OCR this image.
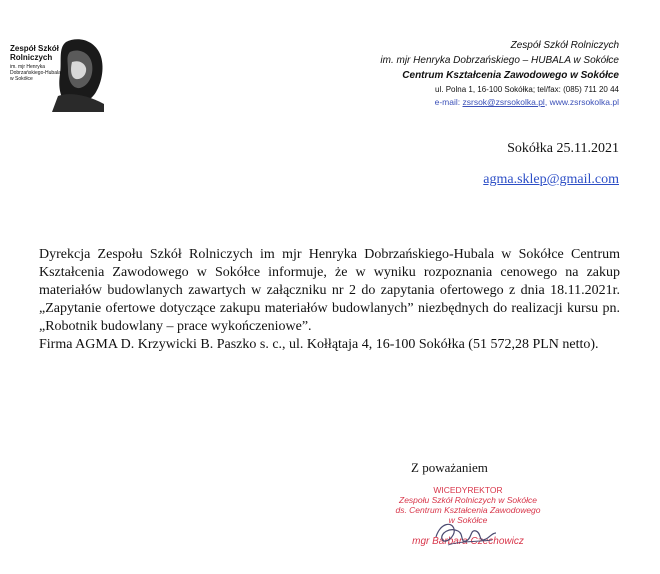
Zespół Szkół
Rolniczych
im. mjr Henryka Dobrzańskiego-Hubala w Sokółce
Zespół Szkół Rolniczych
im. mjr Henryka Dobrzańskiego – HUBALA w Sokółce
Centrum Kształcenia Zawodowego w Sokółce
ul. Polna 1, 16-100 Sokółka; tel/fax: (085) 711 20 44
e-mail: zsrsok@zsrsokolka.pl, www.zsrsokolka.pl
Sokółka 25.11.2021
agma.sklep@gmail.com

Dyrekcja Zespołu Szkół Rolniczych im mjr Henryka Dobrzańskiego-Hubala w Sokółce Centrum Kształcenia Zawodowego w Sokółce informuje, że w wyniku rozpoznania cenowego na zakup materiałów budowlanych zawartych w załączniku nr 2 do zapytania ofertowego z dnia 18.11.2021r. „Zapytanie ofertowe dotyczące zakupu materiałów budowlanych” niezbędnych do realizacji kursu pn. „Robotnik budowlany – prace wykończeniowe”.

Firma AGMA D. Krzywicki B. Paszko s. c., ul. Kołłątaja 4, 16-100 Sokółka (51 572,28 PLN netto).

Z poważaniem
WICEDYREKTOR
Zespołu Szkół Rolniczych w Sokółce
ds. Centrum Kształcenia Zawodowego
w Sokółce
mgr Barbara Czechowicz
